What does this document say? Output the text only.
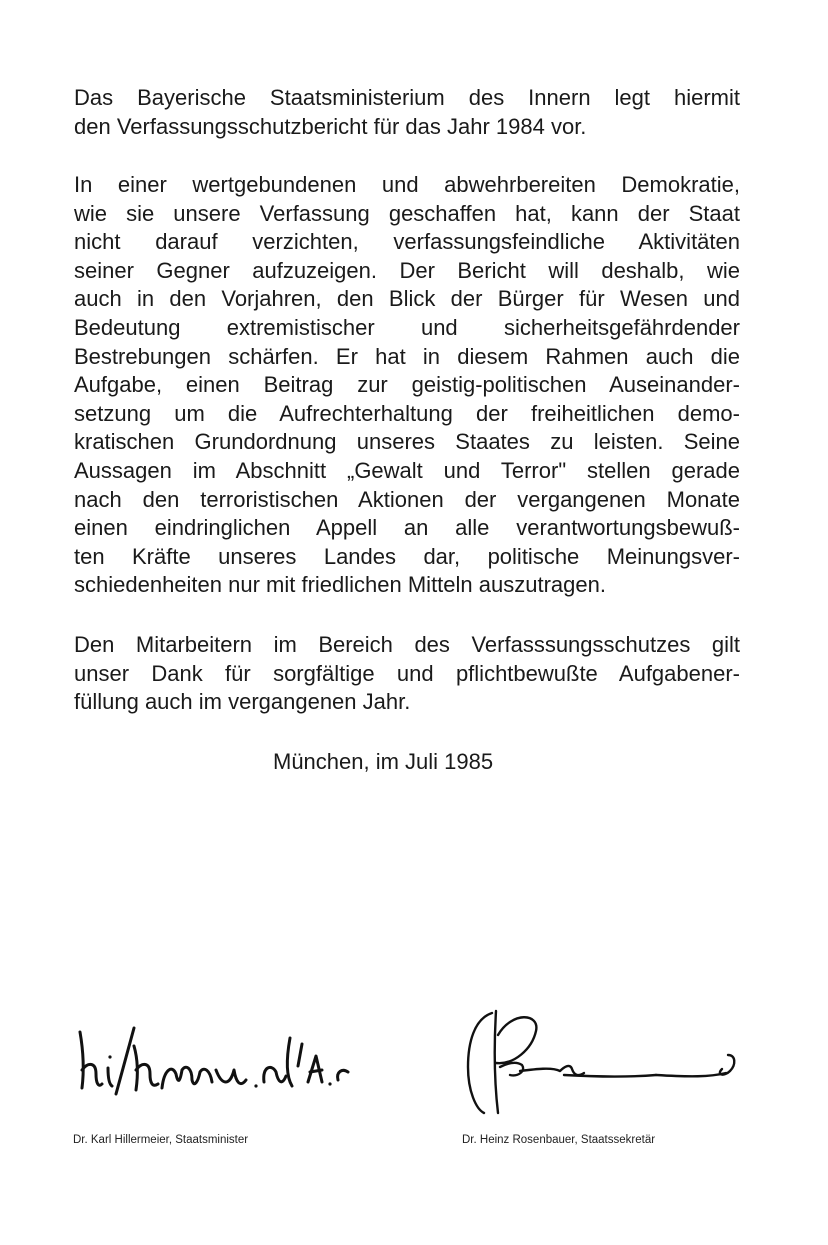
Das Bayerische Staatsministerium des Innern legt hiermit
den Verfassungsschutzbericht für das Jahr 1984 vor.
In einer wertgebundenen und abwehrbereiten Demokratie,
wie sie unsere Verfassung geschaffen hat, kann der Staat
nicht darauf verzichten, verfassungsfeindliche Aktivitäten
seiner Gegner aufzuzeigen. Der Bericht will deshalb, wie
auch in den Vorjahren, den Blick der Bürger für Wesen und
Bedeutung extremistischer und sicherheitsgefährdender
Bestrebungen schärfen. Er hat in diesem Rahmen auch die
Aufgabe, einen Beitrag zur geistig-politischen Auseinander-
setzung um die Aufrechterhaltung der freiheitlichen demo-
kratischen Grundordnung unseres Staates zu leisten. Seine
Aussagen im Abschnitt „Gewalt und Terror" stellen gerade
nach den terroristischen Aktionen der vergangenen Monate
einen eindringlichen Appell an alle verantwortungsbewuß-
ten Kräfte unseres Landes dar, politische Meinungsver-
schiedenheiten nur mit friedlichen Mitteln auszutragen.
Den Mitarbeitern im Bereich des Verfasssungsschutzes gilt
unser Dank für sorgfältige und pflichtbewußte Aufgabener-
füllung auch im vergangenen Jahr.

München, im Juli 1985

Dr. Karl Hillermeier, Staatsminister	Dr. Heinz Rosenbauer, Staatssekretär
